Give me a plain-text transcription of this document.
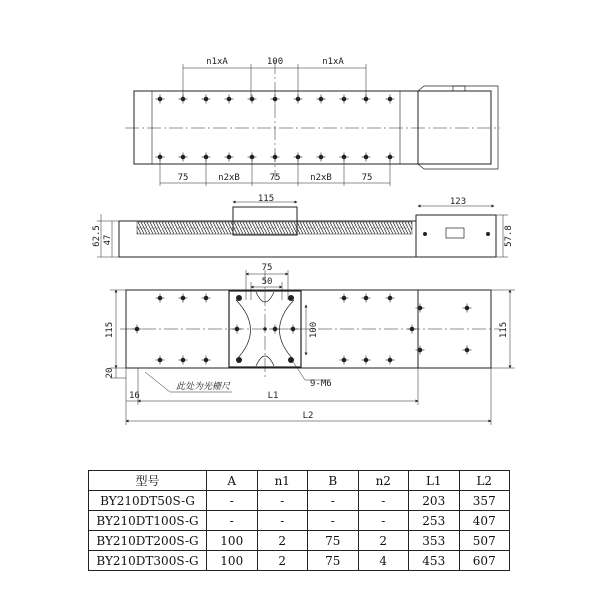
n1xA	100	n1xA
75	n2xB	75	n2xB	75
115	123
62.5 47	57.8
75
50
100
115
20
115
16
9-M6
此处为光栅尺
L1
L2
型号	A	n1	B	n2	L1	L2
BY210DT50S-G	-	-	-	-	203	357
BY210DT100S-G	-	-	-	-	253	407
BY210DT200S-G	100	2	75	2	353	507
BY210DT300S-G	100	2	75	4	453	607
